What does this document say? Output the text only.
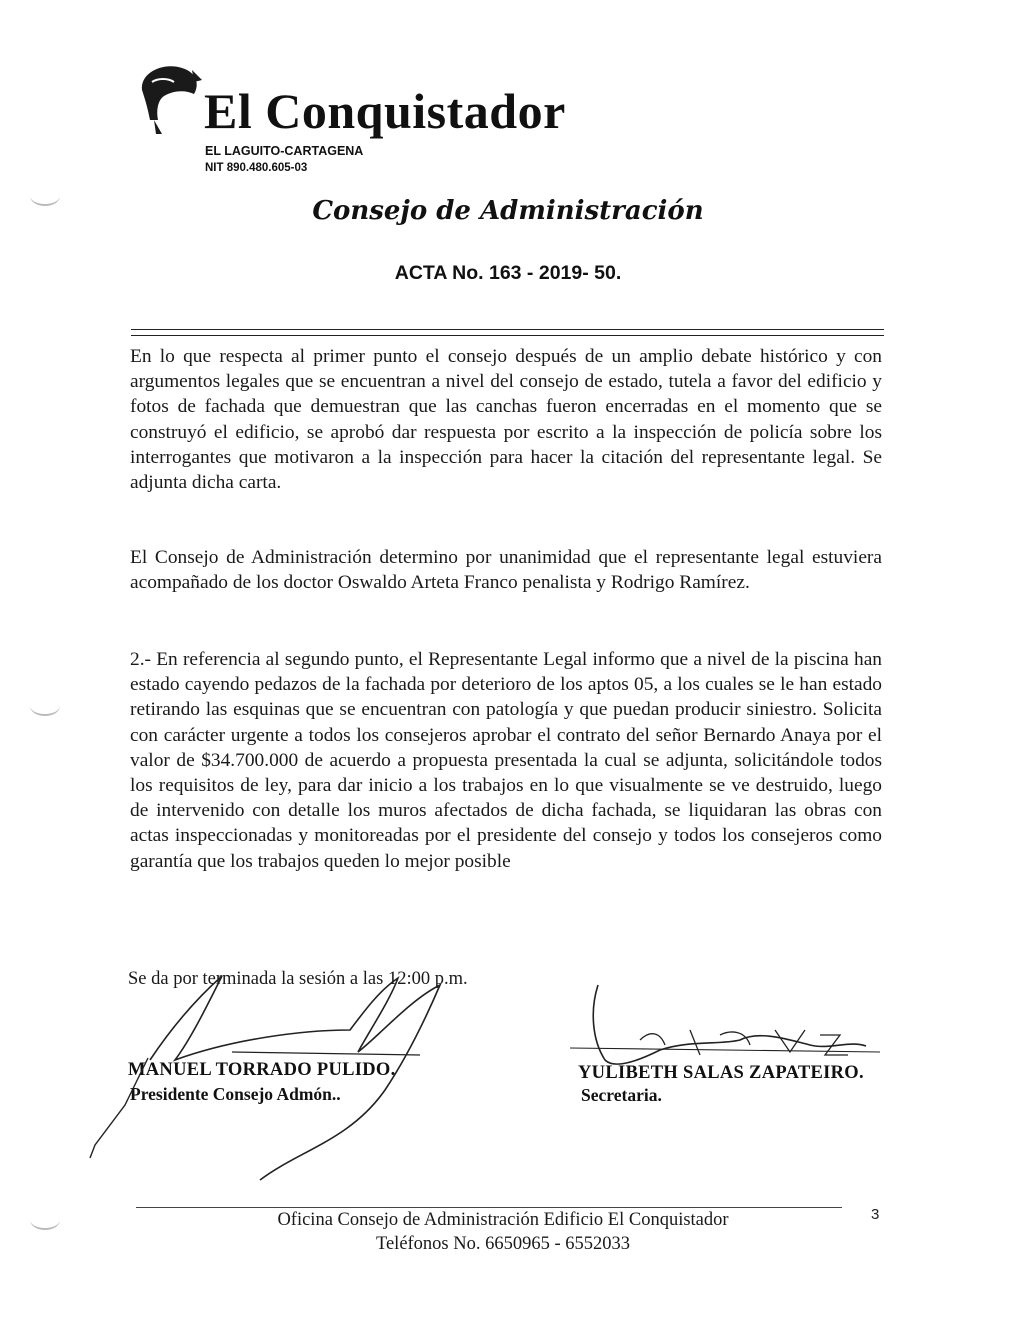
El Conquistador
EL LAGUITO-CARTAGENA
NIT 890.480.605-03
Consejo de Administración
ACTA No. 163 - 2019- 50.

En lo que respecta al primer punto el consejo después de un amplio debate histórico y con argumentos legales que se encuentran a nivel del consejo de estado, tutela a favor del edificio y fotos de fachada que demuestran que las canchas fueron encerradas en el momento que se construyó el edificio, se aprobó dar respuesta por escrito a la inspección de policía sobre los interrogantes que motivaron a la inspección para hacer la citación del representante legal. Se adjunta dicha carta.

El Consejo de Administración determino por unanimidad que el representante legal estuviera acompañado de los doctor Oswaldo Arteta Franco penalista y Rodrigo Ramírez.

2.- En referencia al segundo punto, el Representante Legal informo que a nivel de la piscina han estado cayendo pedazos de la fachada por deterioro de los aptos 05, a los cuales se le han estado retirando las esquinas que se encuentran con patología y que puedan producir siniestro. Solicita con carácter urgente a todos los consejeros aprobar el contrato del señor Bernardo Anaya por el valor de $34.700.000 de acuerdo a propuesta presentada la cual se adjunta, solicitándole todos los requisitos de ley, para dar inicio a los trabajos en lo que visualmente se ve destruido, luego de intervenido con detalle los muros afectados de dicha fachada, se liquidaran las obras con actas inspeccionadas y monitoreadas por el presidente del consejo y todos los consejeros como garantía que los trabajos queden lo mejor posible

Se da por terminada la sesión a las 12:00 p.m.
MANUEL TORRADO PULIDO.
Presidente Consejo Admón..
YULIBETH SALAS ZAPATEIRO.
Secretaria.
Oficina Consejo de Administración Edificio El Conquistador
Teléfonos No. 6650965 - 6552033
3
